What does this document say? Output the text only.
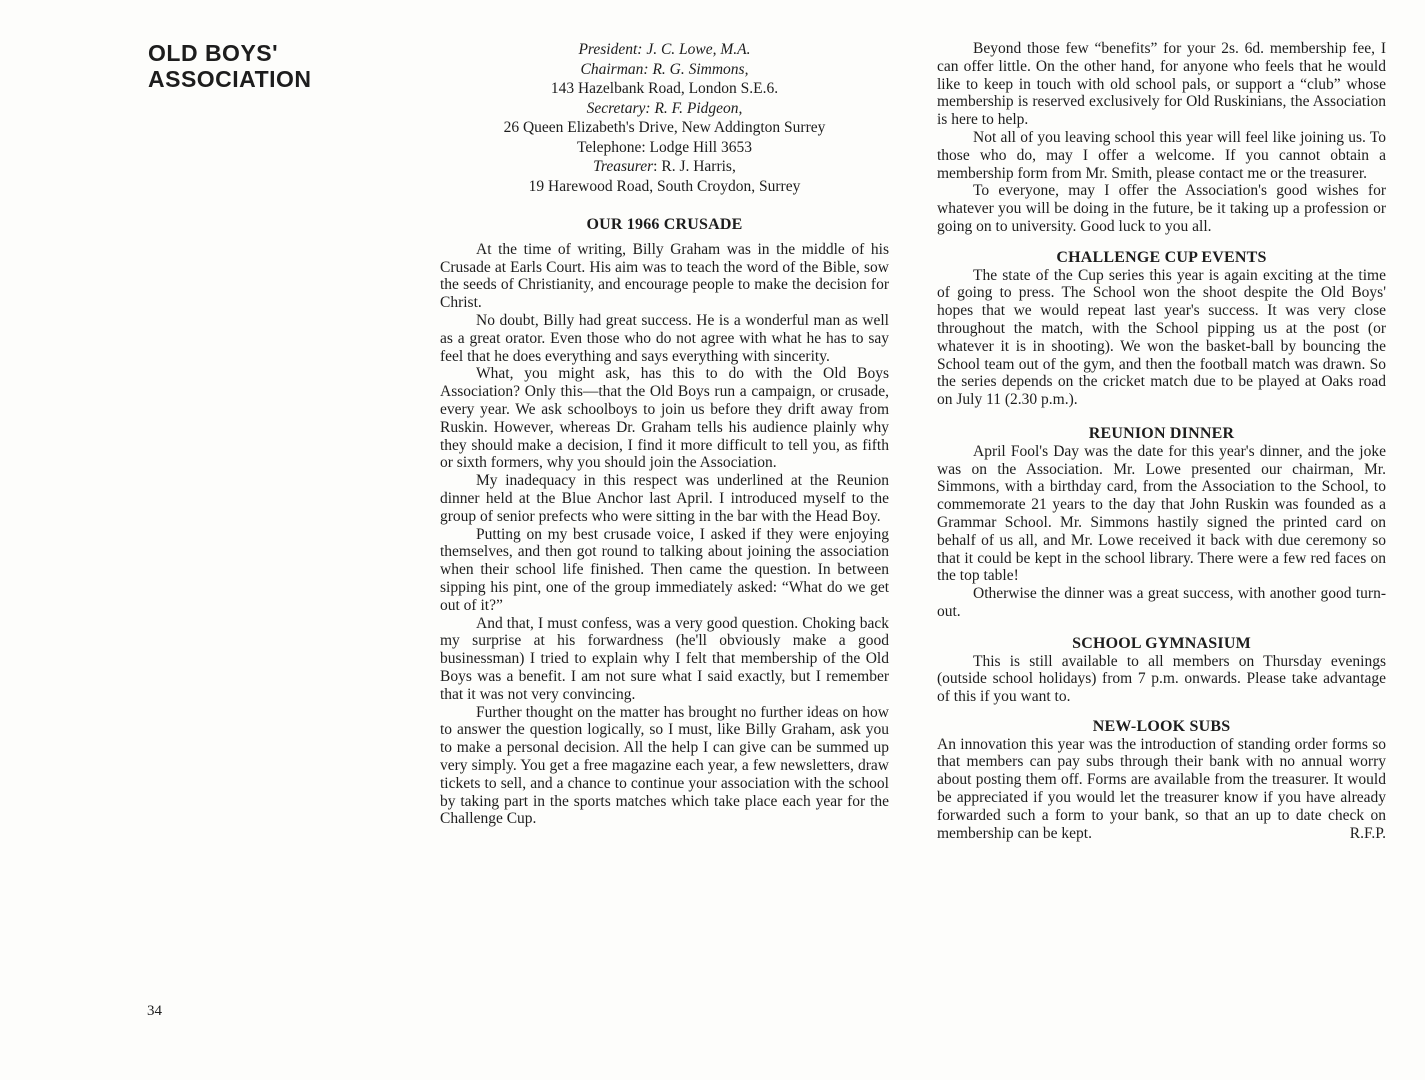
OLD BOYS'
ASSOCIATION
34
President: J. C. Lowe, M.A.
Chairman: R. G. Simmons,
143 Hazelbank Road, London S.E.6.
Secretary: R. F. Pidgeon,
26 Queen Elizabeth's Drive, New Addington Surrey
Telephone: Lodge Hill 3653
Treasurer: R. J. Harris,
19 Harewood Road, South Croydon, Surrey
OUR 1966 CRUSADE

At the time of writing, Billy Graham was in the middle of his Crusade at Earls Court. His aim was to teach the word of the Bible, sow the seeds of Christianity, and encourage people to make the decision for Christ.

No doubt, Billy had great success. He is a wonderful man as well as a great orator. Even those who do not agree with what he has to say feel that he does everything and says everything with sincerity.

What, you might ask, has this to do with the Old Boys Association? Only this—that the Old Boys run a campaign, or crusade, every year. We ask schoolboys to join us before they drift away from Ruskin. However, whereas Dr. Graham tells his audience plainly why they should make a decision, I find it more difficult to tell you, as fifth or sixth formers, why you should join the Association.

My inadequacy in this respect was underlined at the Reunion dinner held at the Blue Anchor last April. I introduced myself to the group of senior prefects who were sitting in the bar with the Head Boy.

Putting on my best crusade voice, I asked if they were enjoying themselves, and then got round to talking about joining the association when their school life finished. Then came the question. In between sipping his pint, one of the group immediately asked: “What do we get out of it?”

And that, I must confess, was a very good question. Choking back my surprise at his forwardness (he'll obviously make a good businessman) I tried to explain why I felt that membership of the Old Boys was a benefit. I am not sure what I said exactly, but I remember that it was not very convincing.

Further thought on the matter has brought no further ideas on how to answer the question logically, so I must, like Billy Graham, ask you to make a personal decision. All the help I can give can be summed up very simply. You get a free magazine each year, a few newsletters, draw tickets to sell, and a chance to continue your association with the school by taking part in the sports matches which take place each year for the Challenge Cup.

Beyond those few “benefits” for your 2s. 6d. membership fee, I can offer little. On the other hand, for anyone who feels that he would like to keep in touch with old school pals, or support a “club” whose membership is reserved exclusively for Old Ruskinians, the Association is here to help.

Not all of you leaving school this year will feel like joining us. To those who do, may I offer a welcome. If you cannot obtain a membership form from Mr. Smith, please contact me or the treasurer.

To everyone, may I offer the Association's good wishes for whatever you will be doing in the future, be it taking up a profession or going on to university. Good luck to you all.

CHALLENGE CUP EVENTS

The state of the Cup series this year is again exciting at the time of going to press. The School won the shoot despite the Old Boys' hopes that we would repeat last year's success. It was very close throughout the match, with the School pipping us at the post (or whatever it is in shooting). We won the basket-ball by bouncing the School team out of the gym, and then the football match was drawn. So the series depends on the cricket match due to be played at Oaks road on July 11 (2.30 p.m.).

REUNION DINNER

April Fool's Day was the date for this year's dinner, and the joke was on the Association. Mr. Lowe presented our chairman, Mr. Simmons, with a birthday card, from the Association to the School, to commemorate 21 years to the day that John Ruskin was founded as a Grammar School. Mr. Simmons hastily signed the printed card on behalf of us all, and Mr. Lowe received it back with due ceremony so that it could be kept in the school library. There were a few red faces on the top table!

Otherwise the dinner was a great success, with another good turn-out.

SCHOOL GYMNASIUM

This is still available to all members on Thursday evenings (outside school holidays) from 7 p.m. onwards. Please take advantage of this if you want to.

NEW-LOOK SUBS

An innovation this year was the introduction of standing order forms so that members can pay subs through their bank with no annual worry about posting them off. Forms are available from the treasurer. It would be appreciated if you would let the treasurer know if you have already forwarded such a form to your bank, so that an up to date check on membership can be kept.	R.F.P.
